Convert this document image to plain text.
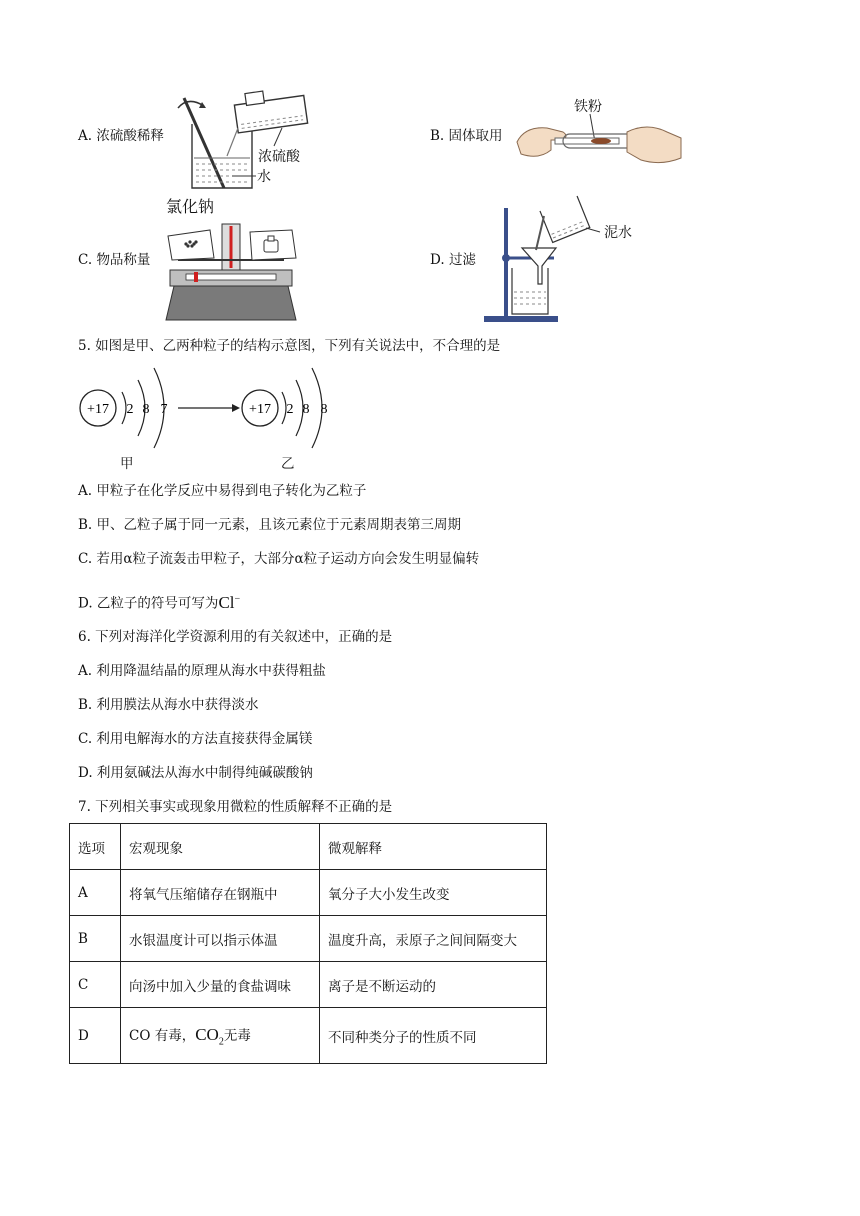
A. 浓硫酸稀释
浓硫酸
水
B. 固体取用
铁粉
C. 物品称量
氯化钠
D. 过滤
泥水
5. 如图是甲、乙两种粒子的结构示意图，下列有关说法中，不合理的是
+17 2 8 7	+17 2 8 8
甲	乙
A. 甲粒子在化学反应中易得到电子转化为乙粒子
B. 甲、乙粒子属于同一元素，且该元素位于元素周期表第三周期
C. 若用α粒子流轰击甲粒子，大部分α粒子运动方向会发生明显偏转
D. 乙粒子的符号可写为Cl−
6. 下列对海洋化学资源利用的有关叙述中，正确的是
A. 利用降温结晶的原理从海水中获得粗盐
B. 利用膜法从海水中获得淡水
C. 利用电解海水的方法直接获得金属镁
D. 利用氨碱法从海水中制得纯碱碳酸钠
7. 下列相关事实或现象用微粒的性质解释不正确的是
选项	宏观现象	微观解释
A	将氧气压缩储存在钢瓶中	氧分子大小发生改变
B	水银温度计可以指示体温	温度升高，汞原子之间间隔变大
C	向汤中加入少量的食盐调味	离子是不断运动的
D	CO 有毒，$CO_2$无毒	不同种类分子的性质不同
